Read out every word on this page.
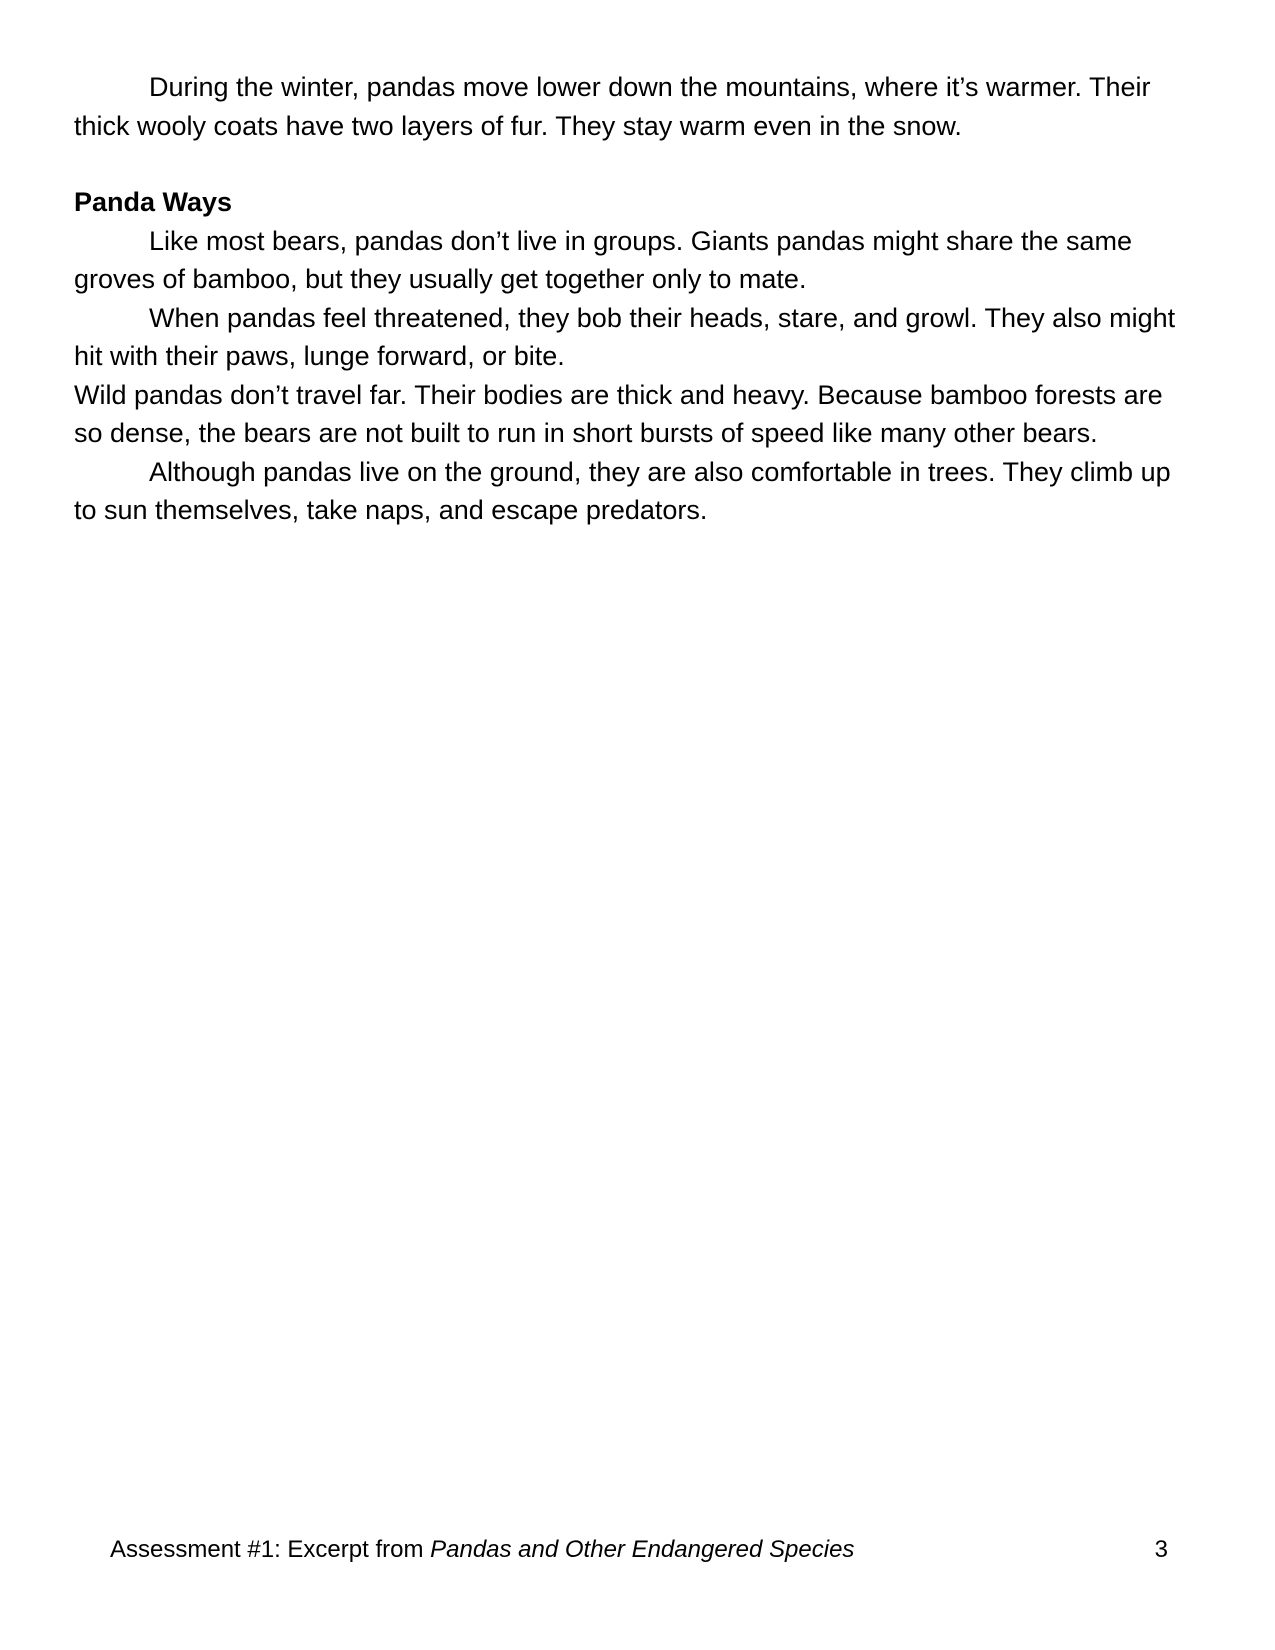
During the winter, pandas move lower down the mountains, where it’s warmer. Their thick wooly coats have two layers of fur. They stay warm even in the snow.

Panda Ways

Like most bears, pandas don’t live in groups. Giants pandas might share the same groves of bamboo, but they usually get together only to mate.

When pandas feel threatened, they bob their heads, stare, and growl. They also might hit with their paws, lunge forward, or bite.

Wild pandas don’t travel far. Their bodies are thick and heavy. Because bamboo forests are so dense, the bears are not built to run in short bursts of speed like many other bears.

Although pandas live on the ground, they are also comfortable in trees. They climb up to sun themselves, take naps, and escape predators.

Assessment #1: Excerpt from Pandas and Other Endangered Species	3
